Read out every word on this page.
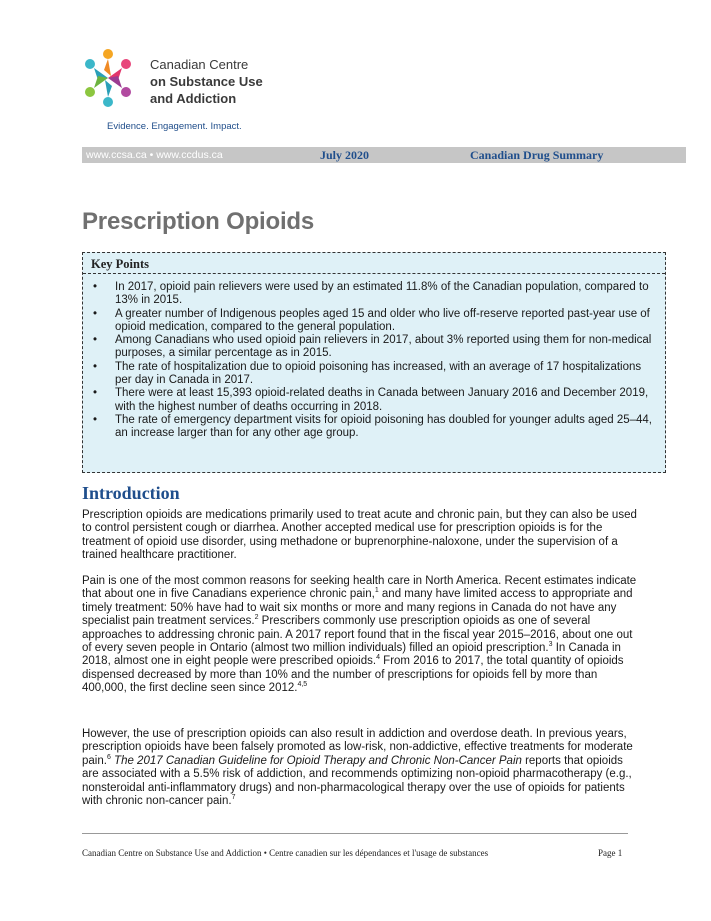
Canadian Centre
on Substance Use
and Addiction
Evidence. Engagement. Impact.
www.ccsa.ca • www.ccdus.ca	July 2020	Canadian Drug Summary
Prescription Opioids
Key Points
• In 2017, opioid pain relievers were used by an estimated 11.8% of the Canadian population, compared to 13% in 2015.
• A greater number of Indigenous peoples aged 15 and older who live off-reserve reported past-year use of opioid medication, compared to the general population.
• Among Canadians who used opioid pain relievers in 2017, about 3% reported using them for non-medical purposes, a similar percentage as in 2015.
• The rate of hospitalization due to opioid poisoning has increased, with an average of 17 hospitalizations per day in Canada in 2017.
• There were at least 15,393 opioid-related deaths in Canada between January 2016 and December 2019, with the highest number of deaths occurring in 2018.
• The rate of emergency department visits for opioid poisoning has doubled for younger adults aged 25–44, an increase larger than for any other age group.
Introduction

Prescription opioids are medications primarily used to treat acute and chronic pain, but they can also be used to control persistent cough or diarrhea. Another accepted medical use for prescription opioids is for the treatment of opioid use disorder, using methadone or buprenorphine-naloxone, under the supervision of a trained healthcare practitioner.

Pain is one of the most common reasons for seeking health care in North America. Recent estimates indicate that about one in five Canadians experience chronic pain,$^1$ and many have limited access to appropriate and timely treatment: 50% have had to wait six months or more and many regions in Canada do not have any specialist pain treatment services.$^2$ Prescribers commonly use prescription opioids as one of several approaches to addressing chronic pain. A 2017 report found that in the fiscal year 2015–2016, about one out of every seven people in Ontario (almost two million individuals) filled an opioid prescription.$^3$ In Canada in 2018, almost one in eight people were prescribed opioids.$^4$ From 2016 to 2017, the total quantity of opioids dispensed decreased by more than 10% and the number of prescriptions for opioids fell by more than 400,000, the first decline seen since 2012.$^{4,5}$

However, the use of prescription opioids can also result in addiction and overdose death. In previous years, prescription opioids have been falsely promoted as low-risk, non-addictive, effective treatments for moderate pain.$^6$ The 2017 Canadian Guideline for Opioid Therapy and Chronic Non-Cancer Pain reports that opioids are associated with a 5.5% risk of addiction, and recommends optimizing non-opioid pharmacotherapy (e.g., nonsteroidal anti-inflammatory drugs) and non-pharmacological therapy over the use of opioids for patients with chronic non-cancer pain.$^7$

Canadian Centre on Substance Use and Addiction • Centre canadien sur les dépendances et l'usage de substances	Page 1
